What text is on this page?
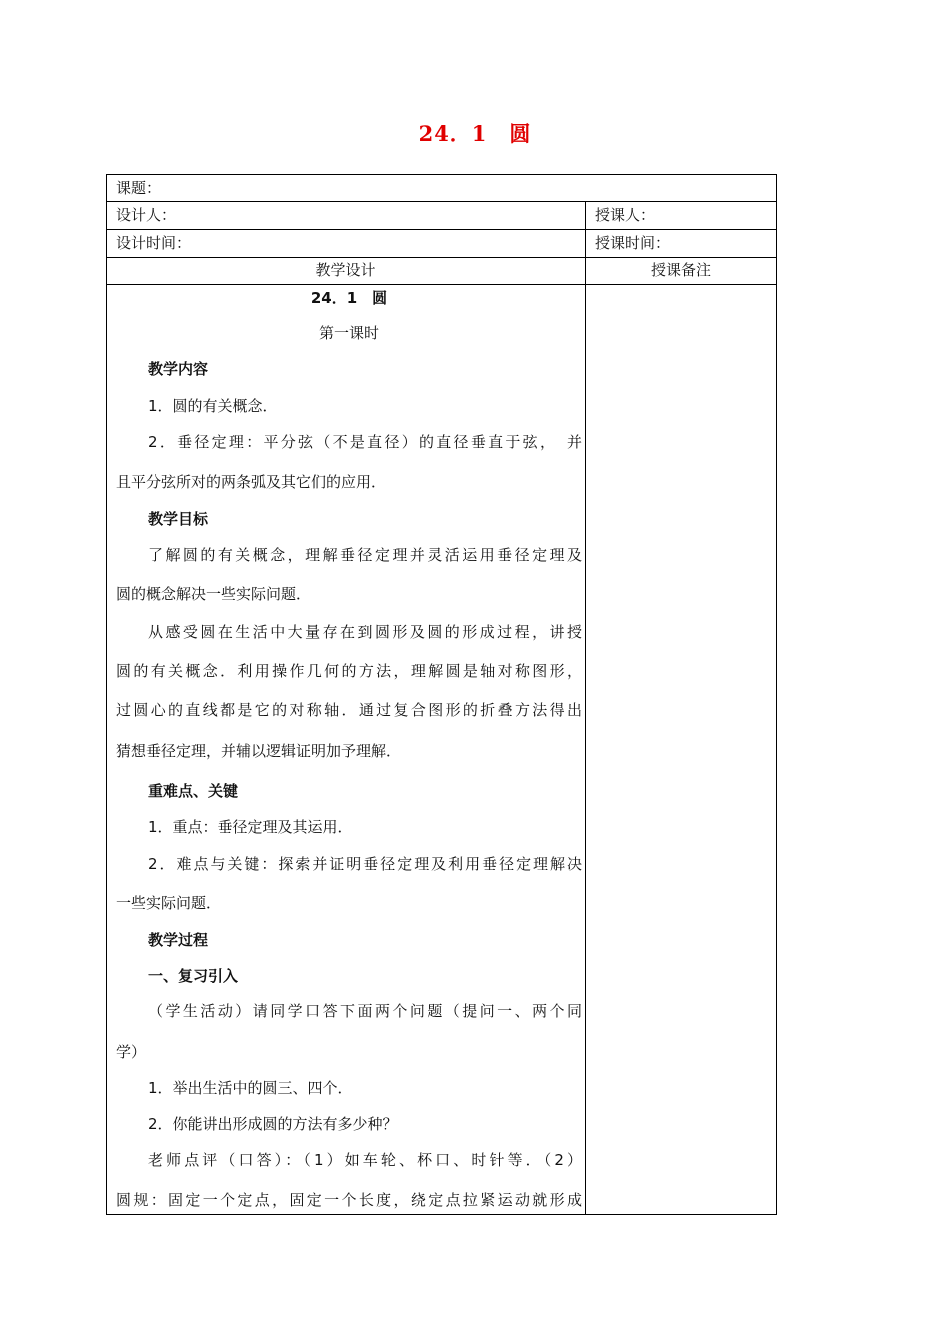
24．1　圆
课题：
设计人：	授课人：
设计时间：	授课时间：
教学设计	授课备注
24．1　圆
第一课时
教学内容
1．圆的有关概念．
2．垂径定理：平分弦（不是直径）的直径垂直于弦，　并
且平分弦所对的两条弧及其它们的应用．
教学目标
了解圆的有关概念，理解垂径定理并灵活运用垂径定理及
圆的概念解决一些实际问题．
从感受圆在生活中大量存在到圆形及圆的形成过程，讲授
圆的有关概念．利用操作几何的方法，理解圆是轴对称图形，
过圆心的直线都是它的对称轴．通过复合图形的折叠方法得出
猜想垂径定理，并辅以逻辑证明加予理解．
重难点、关键
1．重点：垂径定理及其运用．
2．难点与关键：探索并证明垂径定理及利用垂径定理解决
一些实际问题．
教学过程
一、复习引入
（学生活动）请同学口答下面两个问题（提问一、两个同
学）
1．举出生活中的圆三、四个．
2．你能讲出形成圆的方法有多少种？
老师点评（口答）：（1）如车轮、杯口、时针等．（2）
圆规：固定一个定点，固定一个长度，绕定点拉紧运动就形成
